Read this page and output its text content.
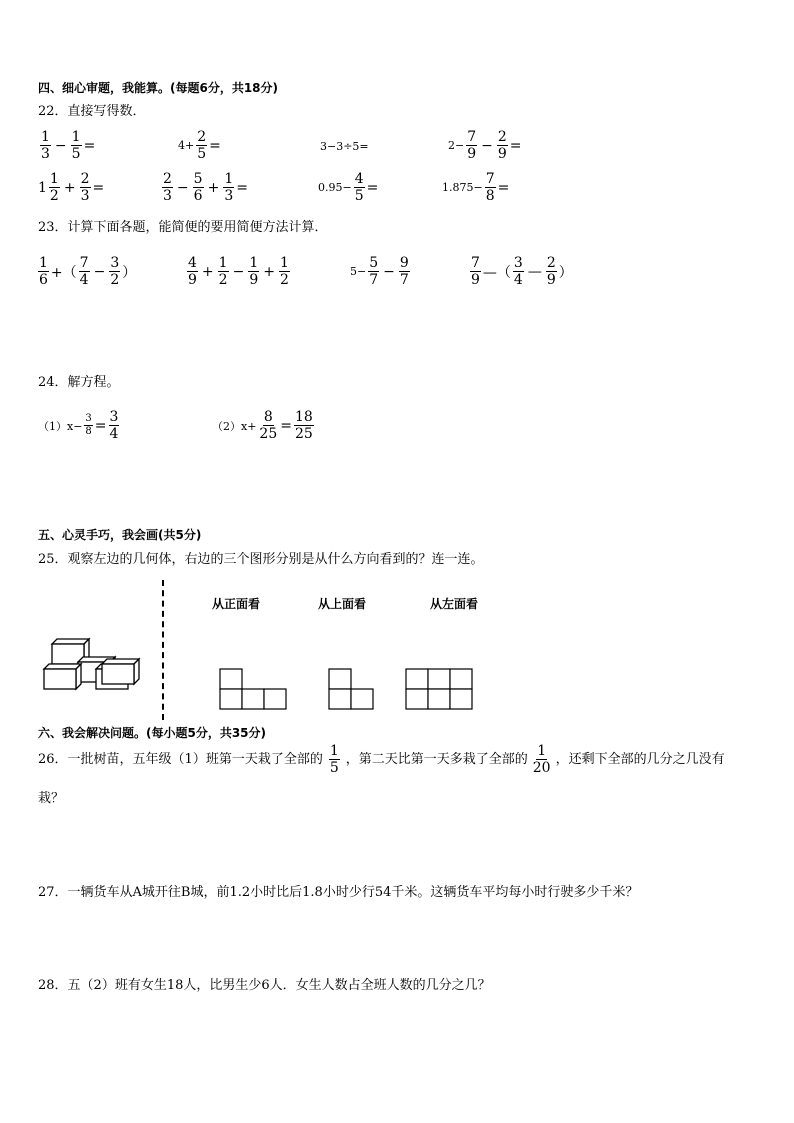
四、细心审题，我能算。(每题6分，共18分)
22．直接写得数．
$\frac{1}{3} - \frac{1}{5}$ =	$4+ \frac{2}{5}$ =	3−3÷5=	$2- \frac{7}{9} - \frac{2}{9}$ =
$1 \frac{1}{2} + \frac{2}{3}$ =	$\frac{2}{3} - \frac{5}{6} + \frac{1}{3}$ =	$0.95- \frac{4}{5}$ =	$1.875- \frac{7}{8}$ =
23．计算下面各题，能简便的要用简便方法计算．
$\frac{1}{6}$ +（ $\frac{7}{4} - \frac{3}{2}$ ）	$\frac{4}{9} + \frac{1}{2} - \frac{1}{9} + \frac{1}{2}$	$5- \frac{5}{7} - \frac{9}{7}$	$\frac{7}{9}$ —（ $\frac{3}{4}$ — $\frac{2}{9}$ ）
24．解方程。
$(1)x- \frac{3}{8} = \frac{3}{4}$	$(2)x+ \frac{8}{25} = \frac{18}{25}$
五、心灵手巧，我会画(共5分)
25．观察左边的几何体，右边的三个图形分别是从什么方向看到的？连一连。
从正面看	从上面看	从左面看
六、我会解决问题。(每小题5分，共35分)
26．一批树苗，五年级（1）班第一天栽了全部的 $\frac{1}{5}$ ，第二天比第一天多栽了全部的 $\frac{1}{20}$ ，还剩下全部的几分之几没有
栽？
27．一辆货车从A城开往B城，前1.2小时比后1.8小时少行54千米。这辆货车平均每小时行驶多少千米？
28．五（2）班有女生18人，比男生少6人．女生人数占全班人数的几分之几？
